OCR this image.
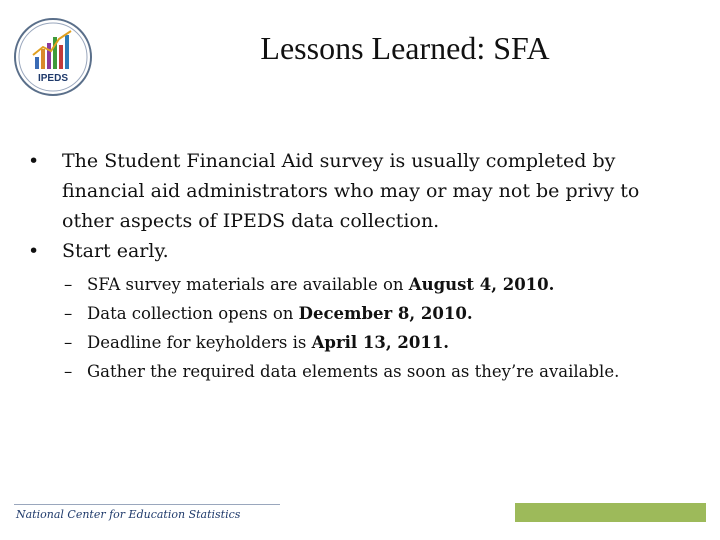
IPEDS
Lessons Learned: SFA
• The Student Financial Aid survey is usually completed by financial aid administrators who may or may not be privy to other aspects of IPEDS data collection.
• Start early.
– SFA survey materials are available on August 4, 2010.
– Data collection opens on December 8, 2010.
– Deadline for keyholders is April 13, 2011.
– Gather the required data elements as soon as they’re available.
National Center for Education Statistics
